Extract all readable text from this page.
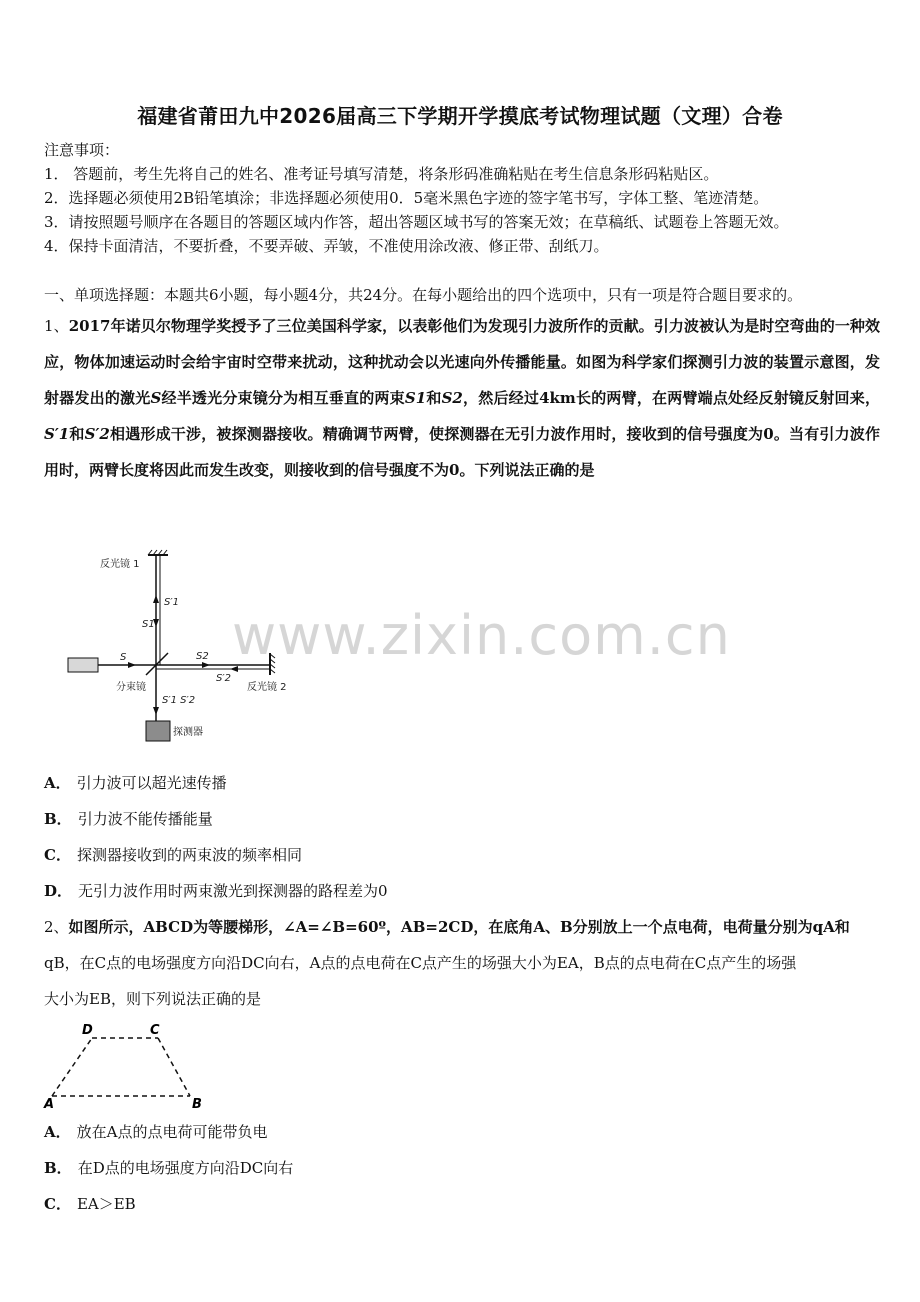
福建省莆田九中2026届高三下学期开学摸底考试物理试题（文理）合卷
注意事项：
1． 答题前，考生先将自己的姓名、准考证号填写清楚，将条形码准确粘贴在考生信息条形码粘贴区。
2．选择题必须使用2B铅笔填涂；非选择题必须使用0．5毫米黑色字迹的签字笔书写，字体工整、笔迹清楚。
3．请按照题号顺序在各题目的答题区域内作答，超出答题区域书写的答案无效；在草稿纸、试题卷上答题无效。
4．保持卡面清洁，不要折叠，不要弄破、弄皱，不准使用涂改液、修正带、刮纸刀。
一、单项选择题：本题共6小题，每小题4分，共24分。在每小题给出的四个选项中，只有一项是符合题目要求的。
1、2017年诺贝尔物理学奖授予了三位美国科学家，以表彰他们为发现引力波所作的贡献。引力波被认为是时空弯曲的一种效应，物体加速运动时会给宇宙时空带来扰动，这种扰动会以光速向外传播能量。如图为科学家们探测引力波的装置示意图，发射器发出的激光S经半透光分束镜分为相互垂直的两束S1和S2，然后经过4km长的两臂，在两臂端点处经反射镜反射回来，S′1和S′2相遇形成干涉，被探测器接收。精确调节两臂，使探测器在无引力波作用时，接收到的信号强度为0。当有引力波作用时，两臂长度将因此而发生改变，则接收到的信号强度不为0。下列说法正确的是
反光镜 1
S′1
S1
S	S2
S′2
反光镜 2
分束镜
S′1 S′2
探测器
www.zixin.com.cn
A． 引力波可以超光速传播
B． 引力波不能传播能量
C． 探测器接收到的两束波的频率相同
D． 无引力波作用时两束激光到探测器的路程差为0
2、如图所示，ABCD为等腰梯形，∠A=∠B=60º，AB=2CD，在底角A、B分别放上一个点电荷，电荷量分别为qA和
qB，在C点的电场强度方向沿DC向右，A点的点电荷在C点产生的场强大小为EA，B点的点电荷在C点产生的场强
大小为EB，则下列说法正确的是
A	B
C
D
A． 放在A点的点电荷可能带负电
B． 在D点的电场强度方向沿DC向右
C． EA＞EB
